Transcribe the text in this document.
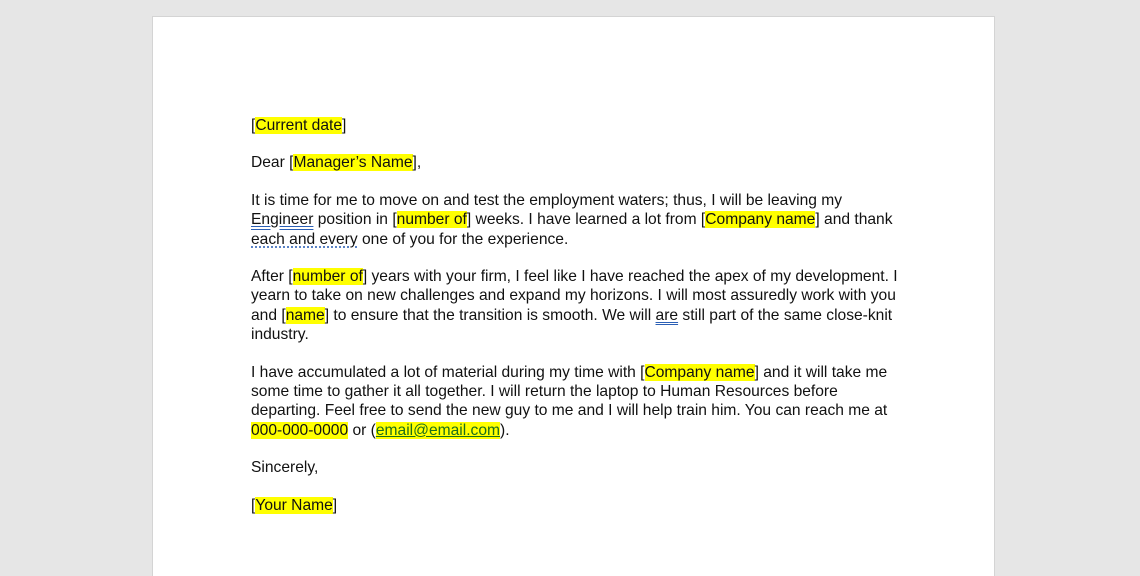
[Current date]

Dear [Manager’s Name],

It is time for me to move on and test the employment waters; thus, I will be leaving my Engineer position in [number of] weeks. I have learned a lot from [Company name] and thank each and every one of you for the experience.

After [number of] years with your firm, I feel like I have reached the apex of my development. I yearn to take on new challenges and expand my horizons. I will most assuredly work with you and [name] to ensure that the transition is smooth. We will are still part of the same close-knit industry.

I have accumulated a lot of material during my time with [Company name] and it will take me some time to gather it all together. I will return the laptop to Human Resources before departing. Feel free to send the new guy to me and I will help train him. You can reach me at 000-000-0000 or (email@email.com).

Sincerely,

[Your Name]
